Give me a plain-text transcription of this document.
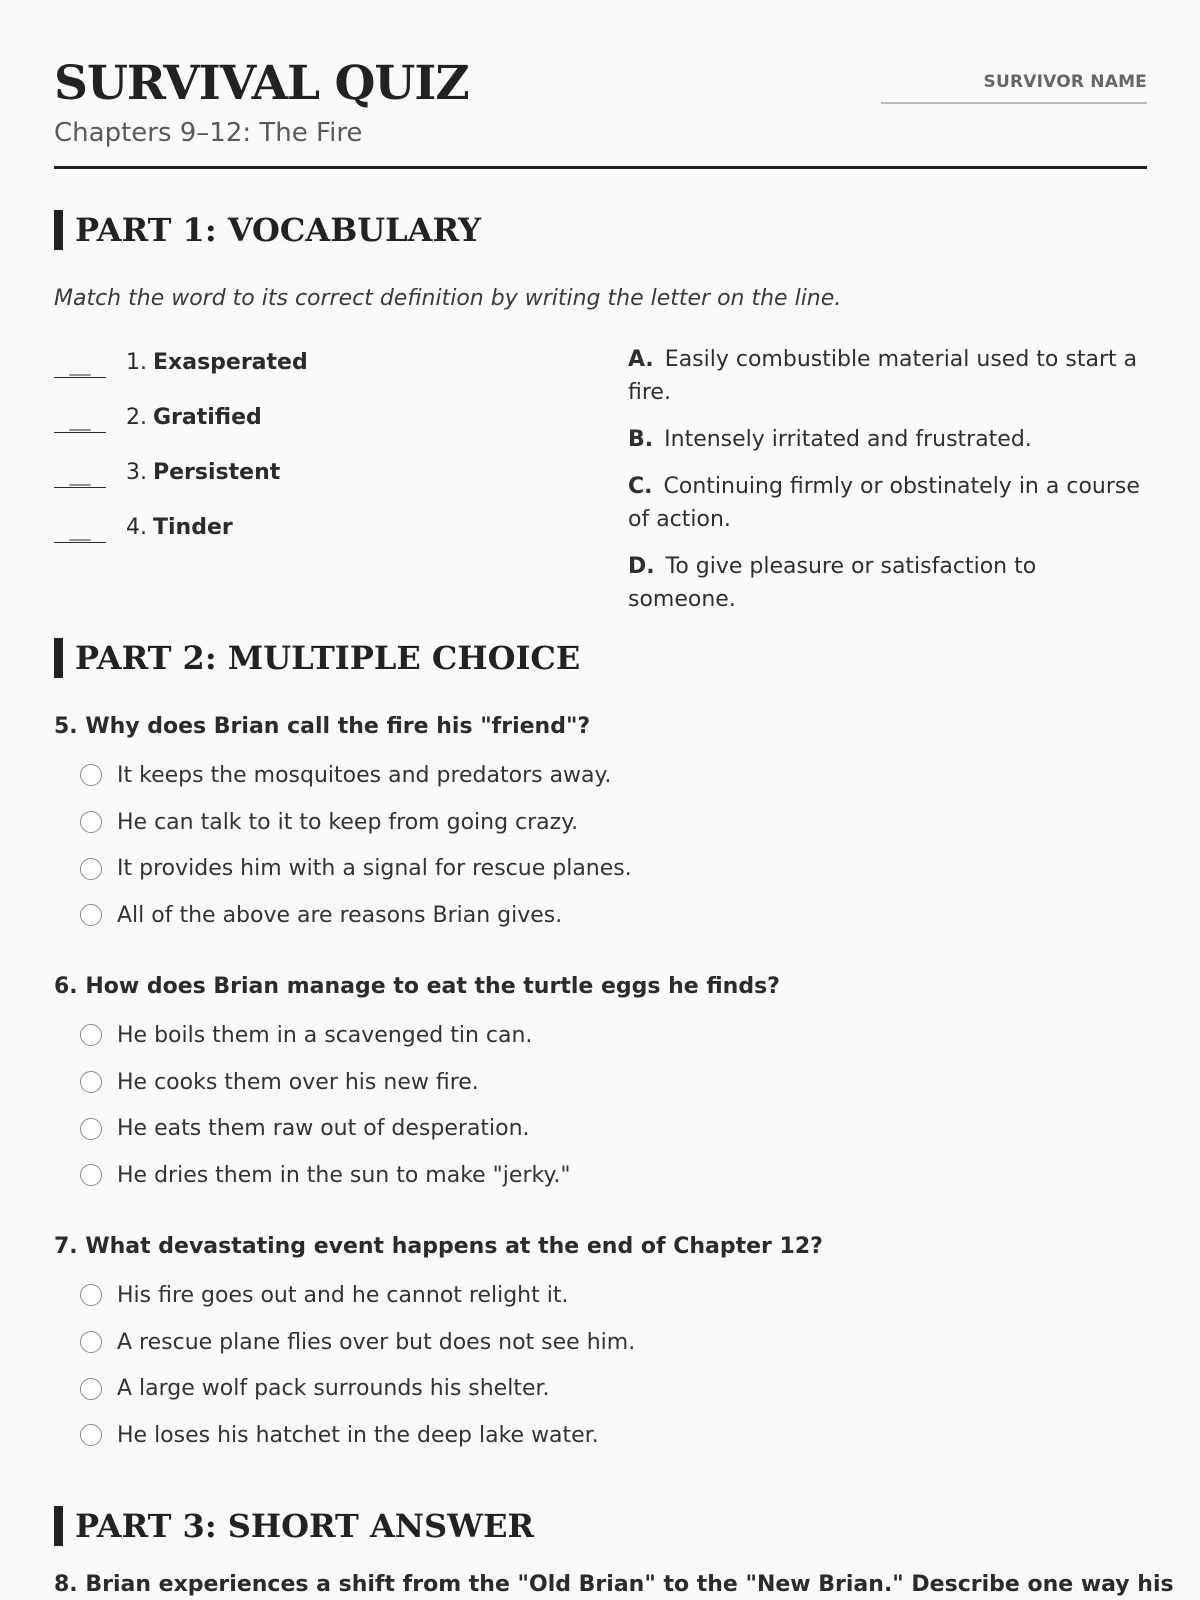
SURVIVAL QUIZ

Chapters 9–12: The Fire

SURVIVOR NAME
PART 1: VOCABULARY

Match the word to its correct definition by writing the letter on the line.

___	1. Exasperated
___	2. Gratified
___	3. Persistent
___	4. Tinder

A. Easily combustible material used to start a fire.

B. Intensely irritated and frustrated.

C. Continuing firmly or obstinately in a course of action.

D. To give pleasure or satisfaction to someone.

PART 2: MULTIPLE CHOICE

5. Why does Brian call the fire his "friend"?

It keeps the mosquitoes and predators away.
He can talk to it to keep from going crazy.
It provides him with a signal for rescue planes.
All of the above are reasons Brian gives.

6. How does Brian manage to eat the turtle eggs he finds?

He boils them in a scavenged tin can.
He cooks them over his new fire.
He eats them raw out of desperation.
He dries them in the sun to make "jerky."

7. What devastating event happens at the end of Chapter 12?

His fire goes out and he cannot relight it.
A rescue plane flies over but does not see him.
A large wolf pack surrounds his shelter.
He loses his hatchet in the deep lake water.
PART 3: SHORT ANSWER

8. Brian experiences a shift from the "Old Brian" to the "New Brian." Describe one way his
